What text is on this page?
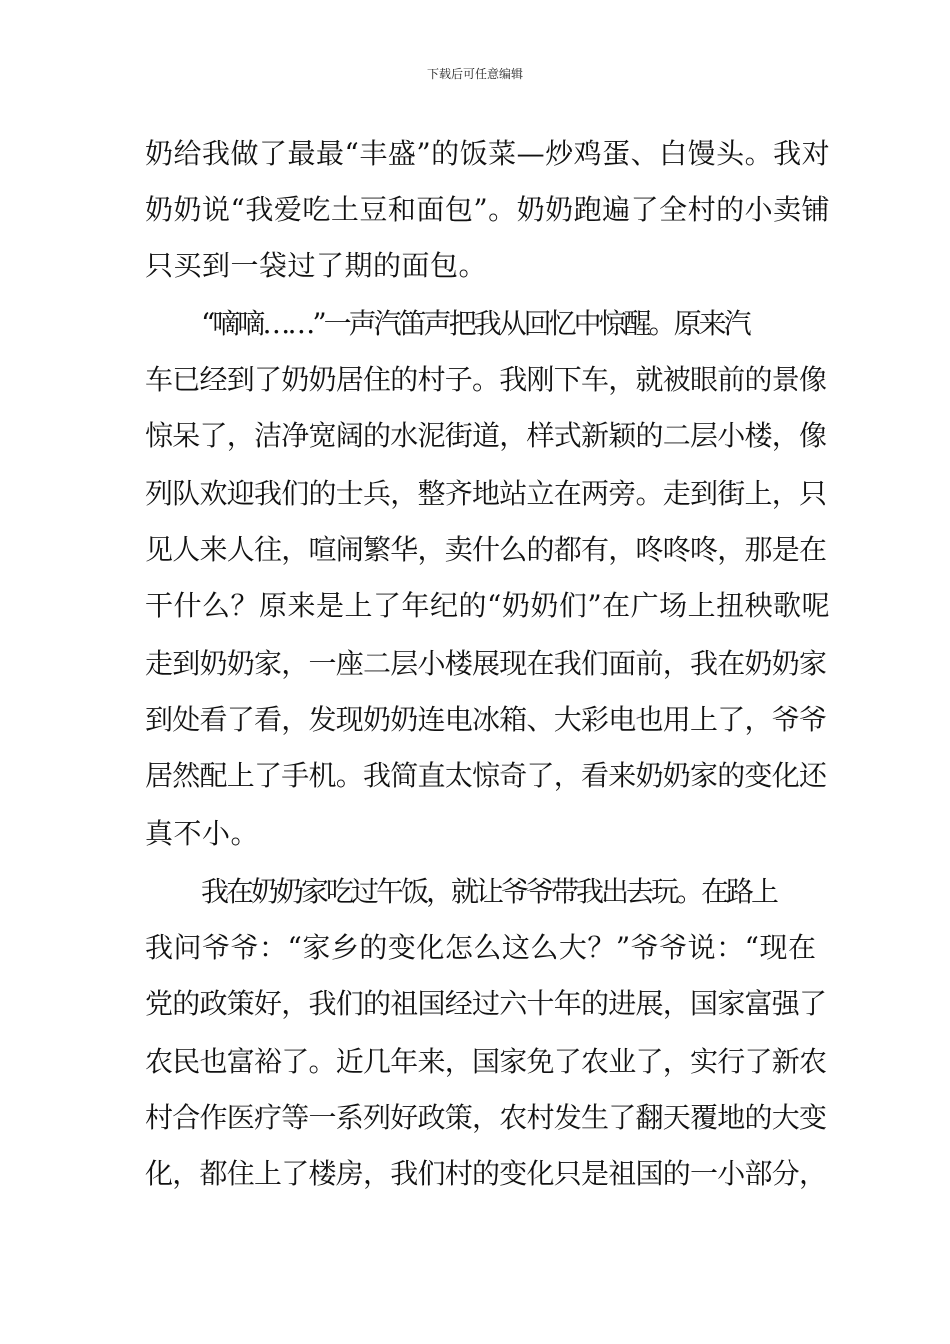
下载后可任意编辑
奶给我做了最最“丰盛”的饭菜—炒鸡蛋、白馒头。我对
奶奶说“我爱吃土豆和面包”。奶奶跑遍了全村的小卖铺
只买到一袋过了期的面包。
“嘀嘀……”一声汽笛声把我从回忆中惊醒。原来汽
车已经到了奶奶居住的村子。我刚下车，就被眼前的景像
惊呆了，洁净宽阔的水泥街道，样式新颖的二层小楼，像
列队欢迎我们的士兵，整齐地站立在两旁。走到街上，只
见人来人往，喧闹繁华，卖什么的都有，咚咚咚，那是在
干什么？原来是上了年纪的“奶奶们”在广场上扭秧歌呢
走到奶奶家，一座二层小楼展现在我们面前，我在奶奶家
到处看了看，发现奶奶连电冰箱、大彩电也用上了，爷爷
居然配上了手机。我简直太惊奇了，看来奶奶家的变化还
真不小。
我在奶奶家吃过午饭，就让爷爷带我出去玩。在路上
我问爷爷：“家乡的变化怎么这么大？”爷爷说：“现在
党的政策好，我们的祖国经过六十年的进展，国家富强了
农民也富裕了。近几年来，国家免了农业了，实行了新农
村合作医疗等一系列好政策，农村发生了翻天覆地的大变
化，都住上了楼房，我们村的变化只是祖国的一小部分，
